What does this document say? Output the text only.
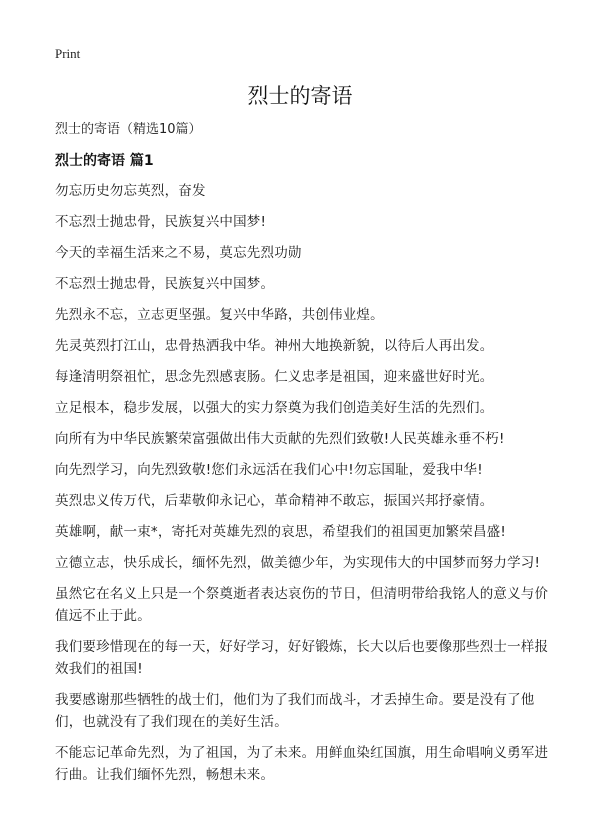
Print
烈士的寄语
烈士的寄语（精选10篇）
烈士的寄语 篇1

勿忘历史勿忘英烈，奋发

不忘烈士抛忠骨，民族复兴中国梦!

今天的幸福生活来之不易，莫忘先烈功勋

不忘烈士抛忠骨，民族复兴中国梦。

先烈永不忘，立志更坚强。复兴中华路，共创伟业煌。

先灵英烈打江山，忠骨热洒我中华。神州大地换新貌，以待后人再出发。

每逢清明祭祖忙，思念先烈感衷肠。仁义忠孝是祖国，迎来盛世好时光。

立足根本，稳步发展，以强大的实力祭奠为我们创造美好生活的先烈们。

向所有为中华民族繁荣富强做出伟大贡献的先烈们致敬!人民英雄永垂不朽!

向先烈学习，向先烈致敬!您们永远活在我们心中!勿忘国耻，爱我中华!

英烈忠义传万代，后辈敬仰永记心，革命精神不敢忘，振国兴邦抒豪情。

英雄啊，献一束*，寄托对英雄先烈的哀思，希望我们的祖国更加繁荣昌盛!

立德立志，快乐成长，缅怀先烈，做美德少年，为实现伟大的中国梦而努力学习!

虽然它在名义上只是一个祭奠逝者表达哀伤的节日，但清明带给我铭人的意义与价值远不止于此。

我们要珍惜现在的每一天，好好学习，好好锻炼，长大以后也要像那些烈士一样报效我们的祖国!

我要感谢那些牺牲的战士们，他们为了我们而战斗，才丢掉生命。要是没有了他们，也就没有了我们现在的美好生活。

不能忘记革命先烈，为了祖国，为了未来。用鲜血染红国旗，用生命唱响义勇军进行曲。让我们缅怀先烈，畅想未来。
